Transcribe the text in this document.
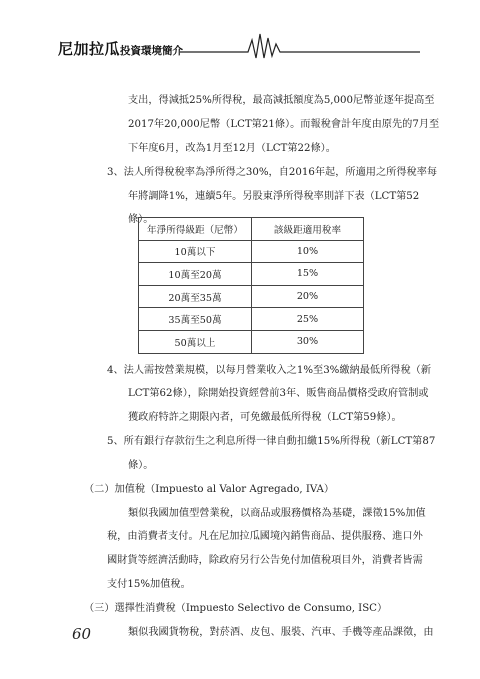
尼加拉瓜投資環境簡介
支出，得減抵25%所得稅，最高減抵額度為5,000尼幣並逐年提高至
2017年20,000尼幣（LCT第21條）。而報稅會計年度由原先的7月至
下年度6月，改為1月至12月（LCT第22條）。
3、法人所得稅稅率為淨所得之30%，自2016年起，所適用之所得稅率每
年將調降1%，連續5年。另股東淨所得稅率則詳下表（LCT第52
條）。
4、法人需按營業規模，以每月營業收入之1%至3%繳納最低所得稅（新
LCT第62條），除開始投資經營前3年、販售商品價格受政府管制或
獲政府特許之期限內者，可免繳最低所得稅（LCT第59條）。
5、所有銀行存款衍生之利息所得一律自動扣繳15%所得稅（新LCT第87
條）。
（二）加值稅（Impuesto al Valor Agregado, IVA）
類似我國加值型營業稅，以商品或服務價格為基礎，課徵15%加值
稅，由消費者支付。凡在尼加拉瓜國境內銷售商品、提供服務、進口外
國財貨等經濟活動時，除政府另行公告免付加值稅項目外，消費者皆需
支付15%加值稅。
（三）選擇性消費稅（Impuesto Selectivo de Consumo, ISC）
類似我國貨物稅，對菸酒、皮包、服裝、汽車、手機等產品課徵，由
年淨所得級距（尼幣）	該級距適用稅率
10萬以下	10%
10萬至20萬	15%
20萬至35萬	20%
35萬至50萬	25%
50萬以上	30%
60
